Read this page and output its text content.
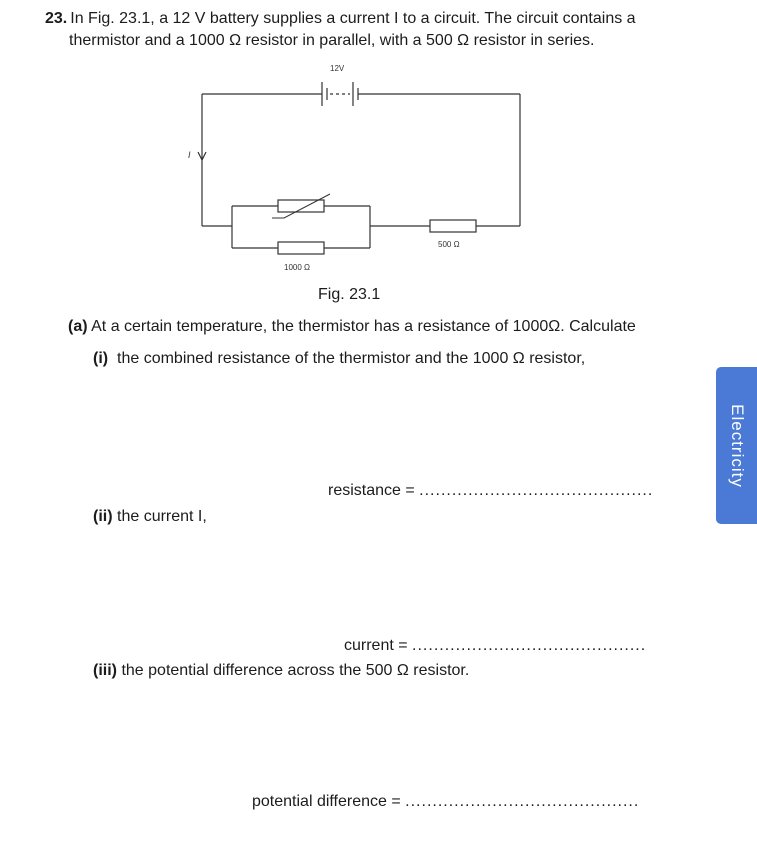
23. In Fig. 23.1, a 12 V battery supplies a current I to a circuit. The circuit contains a
thermistor and a 1000 Ω resistor in parallel, with a 500 Ω resistor in series.
12V
I
1000 Ω
500 Ω
Fig. 23.1
(a) At a certain temperature, the thermistor has a resistance of 1000Ω. Calculate
(i) the combined resistance of the thermistor and the 1000 Ω resistor,
resistance = ...........................................
(ii) the current I,
current = ...........................................
(iii) the potential difference across the 500 Ω resistor.
potential difference = ...........................................
Electricity
